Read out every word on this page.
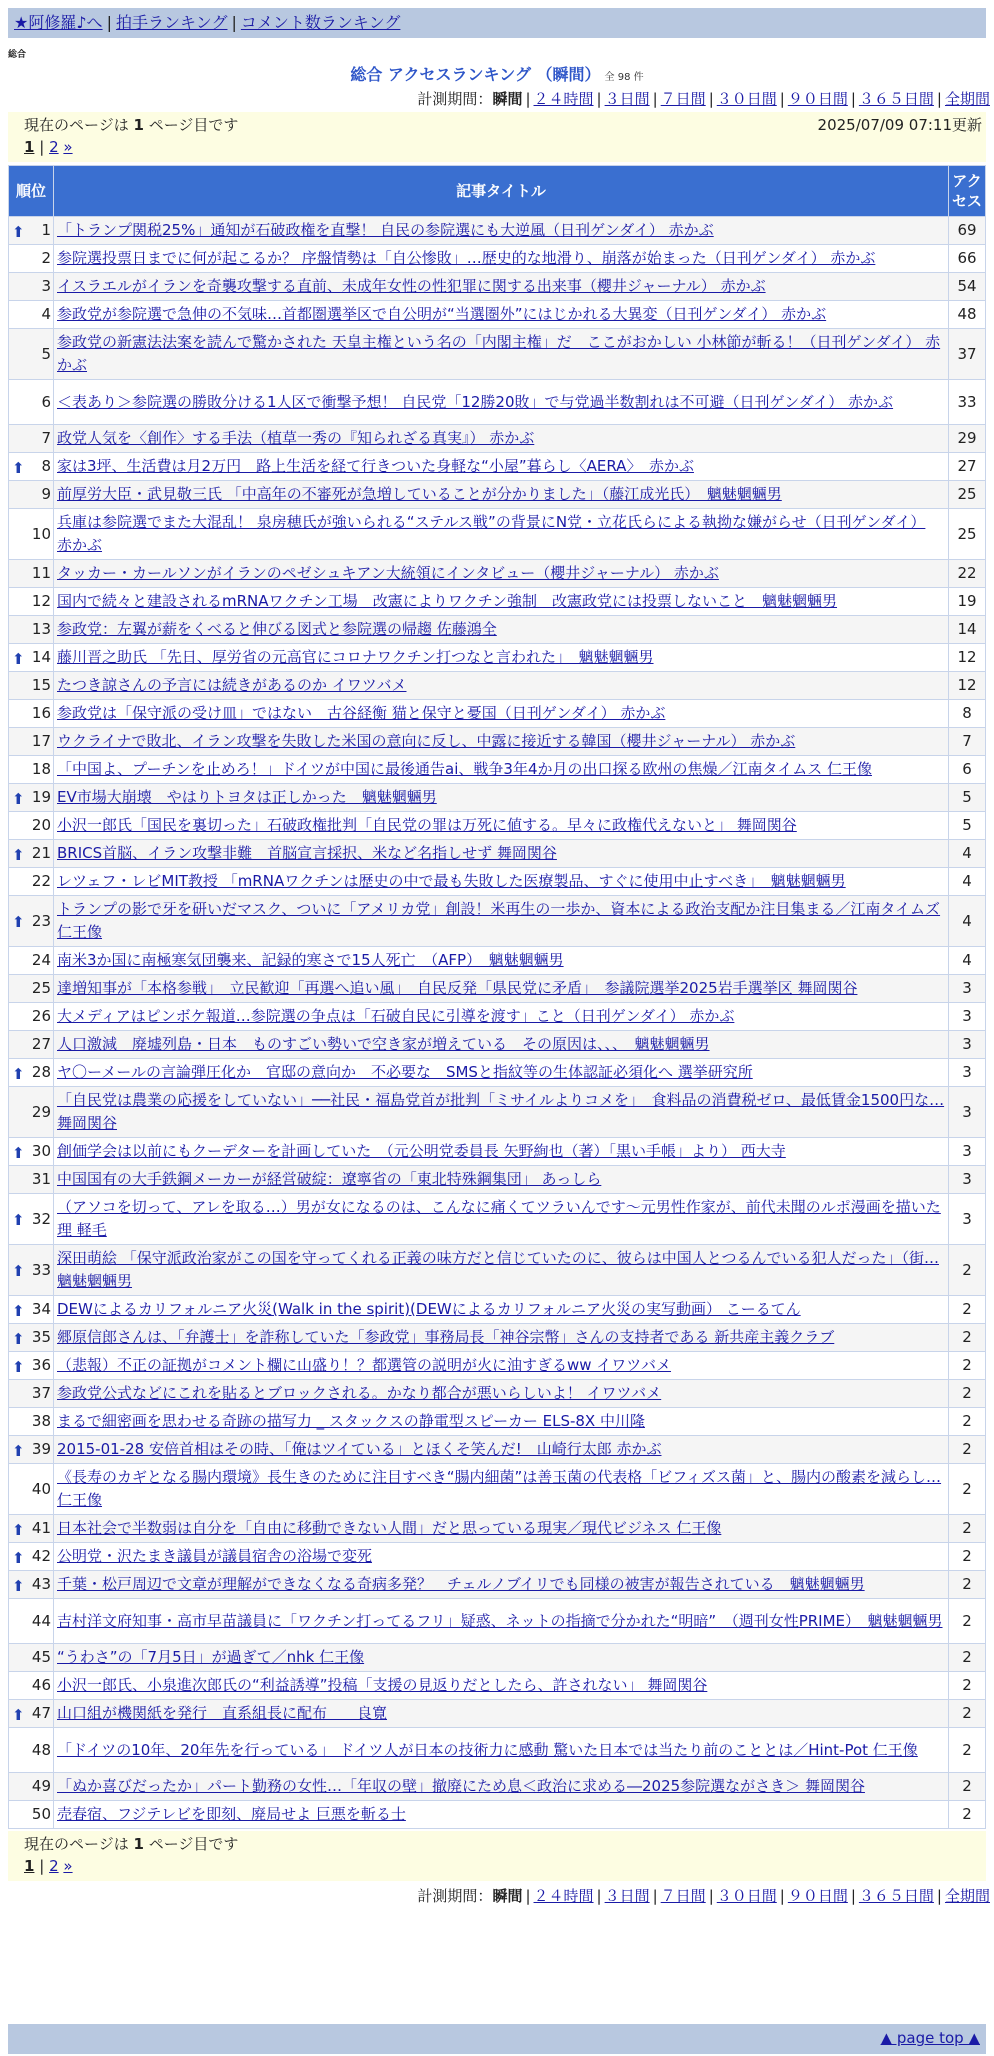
★阿修羅♪へ | 拍手ランキング | コメント数ランキング
総合
総合 アクセスランキング （瞬間） 全 98 件
計測期間：瞬間 | ２４時間 | ３日間 | ７日間 | ３０日間 | ９０日間 | ３６５日間 | 全期間
現在のページは 1 ページ目です	2025/07/09 07:11更新
1 | 2 »
順位	記事タイトル	アクセス

⬆ 1	「トランプ関税25%」通知が石破政権を直撃！ 自民の参院選にも大逆風（日刊ゲンダイ） 赤かぶ	69
2	参院選投票日までに何が起こるか？ 序盤情勢は「自公惨敗」…歴史的な地滑り、崩落が始まった（日刊ゲンダイ） 赤かぶ	66
3	イスラエルがイランを奇襲攻撃する直前、未成年女性の性犯罪に関する出来事（櫻井ジャーナル） 赤かぶ	54
4	参政党が参院選で急伸の不気味…首都圏選挙区で自公明が“当選圏外”にはじかれる大異変（日刊ゲンダイ） 赤かぶ	48
5	参政党の新憲法法案を読んで驚かされた 天皇主権という名の「内閣主権」だ　ここがおかしい 小林節が斬る！（日刊ゲンダイ） 赤かぶ	37
6	＜表あり＞参院選の勝敗分ける1人区で衝撃予想！ 自民党「12勝20敗」で与党過半数割れは不可避（日刊ゲンダイ） 赤かぶ	33
7	政党人気を〈創作〉する手法（植草一秀の『知られざる真実』） 赤かぶ	29

⬆ 8	家は3坪、生活費は月2万円　路上生活を経て行きついた身軽な“小屋”暮らし〈AERA〉　赤かぶ	27
9	前厚労大臣・武見敬三氏 「中高年の不審死が急増していることが分かりました」（藤江成光氏）　魑魅魍魎男	25
10	兵庫は参院選でまた大混乱！ 泉房穂氏が強いられる“ステルス戦”の背景にN党・立花氏らによる執拗な嫌がらせ（日刊ゲンダイ） 赤かぶ	25
11	タッカー・カールソンがイランのペゼシュキアン大統領にインタビュー（櫻井ジャーナル） 赤かぶ	22
12	国内で続々と建設されるmRNAワクチン工場　改憲によりワクチン強制　改憲政党には投票しないこと　魑魅魍魎男	19
13	参政党：左翼が薪をくべると伸びる図式と参院選の帰趨 佐藤鴻全	14

⬆ 14	藤川晋之助氏 「先日、厚労省の元高官にコロナワクチン打つなと言われた」　魑魅魍魎男	12
15	たつき諒さんの予言には続きがあるのか イワツバメ	12
16	参政党は「保守派の受け皿」ではない　古谷経衡 猫と保守と憂国（日刊ゲンダイ） 赤かぶ	8
17	ウクライナで敗北、イラン攻撃を失敗した米国の意向に反し、中露に接近する韓国（櫻井ジャーナル） 赤かぶ	7
18	「中国よ、プーチンを止めろ！」ドイツが中国に最後通告ai、戦争3年4か月の出口探る欧州の焦燥／江南タイムス 仁王像	6

⬆ 19	EV市場大崩壊　やはりトヨタは正しかった　魑魅魍魎男	5
20	小沢一郎氏「国民を裏切った」石破政権批判「自民党の罪は万死に値する。早々に政権代えないと」 舞岡関谷	5

⬆ 21	BRICS首脳、イラン攻撃非難　首脳宣言採択、米など名指しせず 舞岡関谷	4
22	レツェフ・レビMIT教授 「mRNAワクチンは歴史の中で最も失敗した医療製品、すぐに使用中止すべき」　魑魅魍魎男	4

⬆ 23	トランプの影で牙を研いだマスク、ついに「アメリカ党」創設！米再生の一歩か、資本による政治支配か注目集まる／江南タイムズ 仁王像	4
24	南米3か国に南極寒気団襲来、記録的寒さで15人死亡　（AFP）　魑魅魍魎男	4
25	達増知事が「本格参戦」　立民歓迎「再選へ追い風」　自民反発「県民党に矛盾」　参議院選挙2025岩手選挙区 舞岡関谷	3
26	大メディアはピンボケ報道…参院選の争点は「石破自民に引導を渡す」こと（日刊ゲンダイ） 赤かぶ	3
27	人口激減　廃墟列島・日本　ものすごい勢いで空き家が増えている　その原因は、、、　魑魅魍魎男	3

⬆ 28	ヤ〇ーメールの言論弾圧化か　官邸の意向か　不必要な　SMSと指紋等の生体認証必須化へ 選挙研究所	3
29	「自民党は農業の応援をしていない」──社民・福島党首が批判「ミサイルよりコメを」　食料品の消費税ゼロ、最低賃金1500円な… 舞岡関谷	3

⬆ 30	創価学会は以前にもクーデターを計画していた　（元公明党委員長 矢野絢也（著）「黒い手帳」より） 西大寺	3
31	中国国有の大手鉄鋼メーカーが経営破綻：遼寧省の「東北特殊鋼集団」 あっしら	3

⬆ 32	（アソコを切って、アレを取る…）男が女になるのは、こんなに痛くてツラいんです〜元男性作家が、前代未聞のルポ漫画を描いた理 軽毛	3

⬆ 33	深田萌絵 「保守派政治家がこの国を守ってくれる正義の味方だと信じていたのに、彼らは中国人とつるんでいる犯人だった」（街… 魑魅魍魎男	2

⬆ 34	DEWによるカリフォルニア火災(Walk in the spirit)(DEWによるカリフォルニア火災の実写動画） こーるてん	2

⬆ 35	郷原信郎さんは、「弁護士」を詐称していた「参政党」事務局長「神谷宗幣」さんの支持者である 新共産主義クラブ	2

⬆ 36	（悲報）不正の証拠がコメント欄に山盛り！？都選管の説明が火に油すぎるww イワツバメ	2
37	参政党公式などにこれを貼るとブロックされる。かなり都合が悪いらしいよ！ イワツバメ	2
38	まるで細密画を思わせる奇跡の描写力 _ スタックスの静電型スピーカー ELS-8X 中川隆	2

⬆ 39	2015-01-28 安倍首相はその時、「俺はツイている」とほくそ笑んだ!　山崎行太郎 赤かぶ	2
40	《長寿のカギとなる腸内環境》長生きのために注目すべき“腸内細菌”は善玉菌の代表格「ビフィズス菌」と、腸内の酸素を減らし… 仁王像	2

⬆ 41	日本社会で半数弱は自分を「自由に移動できない人間」だと思っている現実／現代ビジネス 仁王像	2

⬆ 42	公明党・沢たまき議員が議員宿舎の浴場で変死	2

⬆ 43	千葉・松戸周辺で文章が理解ができなくなる奇病多発？　チェルノブイリでも同様の被害が報告されている　魑魅魍魎男	2
44	吉村洋文府知事・高市早苗議員に「ワクチン打ってるフリ」疑惑、ネットの指摘で分かれた“明暗”　（週刊女性PRIME）　魑魅魍魎男	2
45	“うわさ”の「7月5日」が過ぎて／nhk 仁王像	2
46	小沢一郎氏、小泉進次郎氏の“利益誘導”投稿「支援の見返りだとしたら、許されない」 舞岡関谷	2

⬆ 47	山口組が機関紙を発行　直系組長に配布　　良寛	2
48	「ドイツの10年、20年先を行っている」 ドイツ人が日本の技術力に感動 驚いた日本では当たり前のこととは／Hint-Pot 仁王像	2
49	「ぬか喜びだったか」パート勤務の女性…「年収の壁」撤廃にため息＜政治に求める―2025参院選ながさき＞ 舞岡関谷	2
50	売春宿、フジテレビを即刻、廃局せよ 巨悪を斬る士	2
現在のページは 1 ページ目です
1 | 2 »
計測期間：瞬間 | ２４時間 | ３日間 | ７日間 | ３０日間 | ９０日間 | ３６５日間 | 全期間
▲ page top ▲
